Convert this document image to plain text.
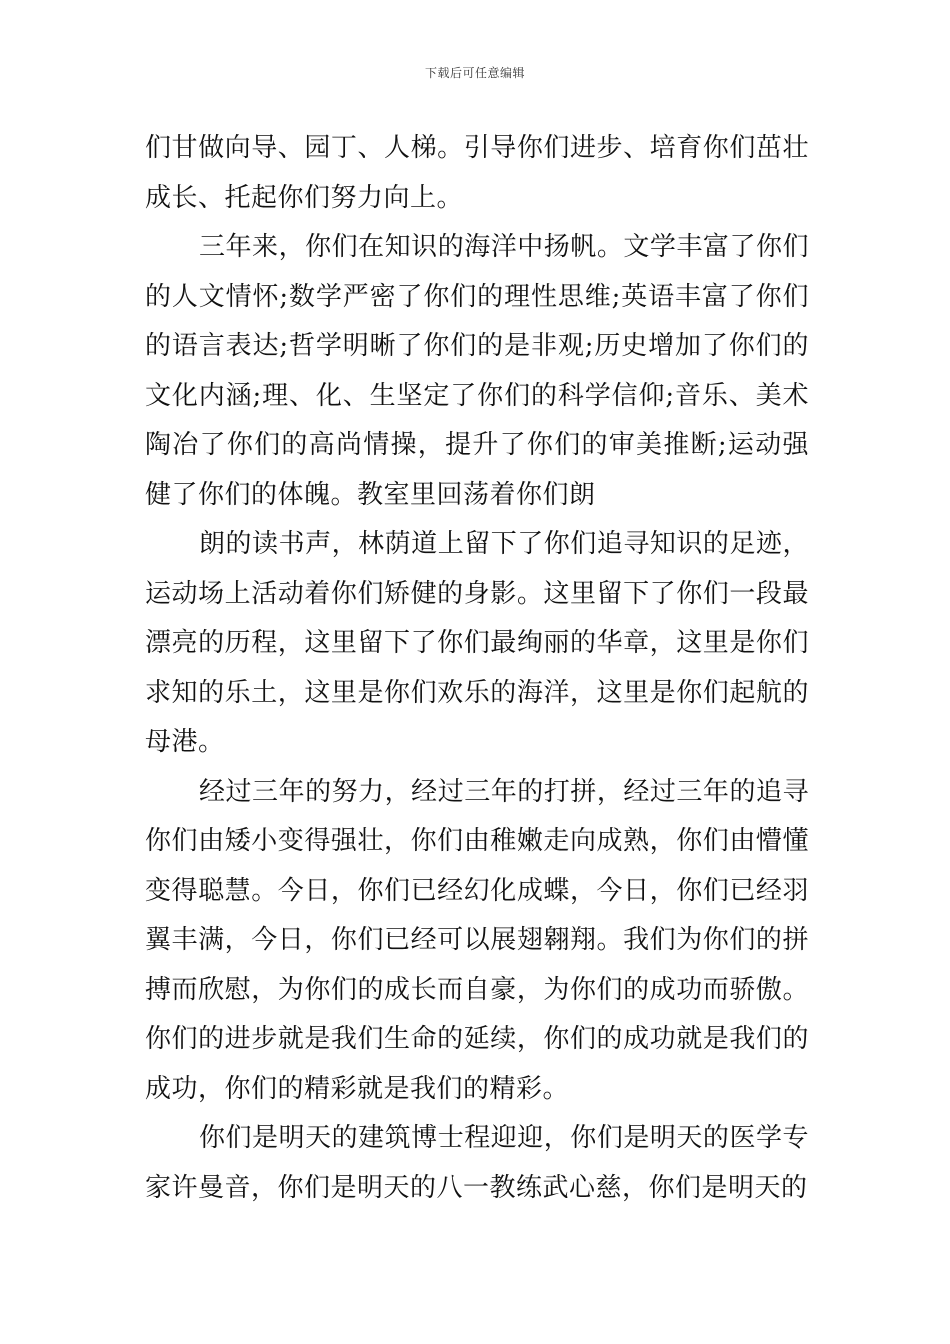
下载后可任意编辑

们甘做向导、园丁、人梯。引导你们进步、培育你们茁壮成长、托起你们努力向上。

三年来，你们在知识的海洋中扬帆。文学丰富了你们的人文情怀;数学严密了你们的理性思维;英语丰富了你们的语言表达;哲学明晰了你们的是非观;历史增加了你们的文化内涵;理、化、生坚定了你们的科学信仰;音乐、美术陶冶了你们的高尚情操，提升了你们的审美推断;运动强健了你们的体魄。教室里回荡着你们朗

朗的读书声，林荫道上留下了你们追寻知识的足迹，运动场上活动着你们矫健的身影。这里留下了你们一段最漂亮的历程，这里留下了你们最绚丽的华章，这里是你们求知的乐土，这里是你们欢乐的海洋，这里是你们起航的母港。

经过三年的努力，经过三年的打拼，经过三年的追寻你们由矮小变得强壮，你们由稚嫩走向成熟，你们由懵懂变得聪慧。今日，你们已经幻化成蝶，今日，你们已经羽翼丰满，今日，你们已经可以展翅翱翔。我们为你们的拼搏而欣慰，为你们的成长而自豪，为你们的成功而骄傲。你们的进步就是我们生命的延续，你们的成功就是我们的成功，你们的精彩就是我们的精彩。

你们是明天的建筑博士程迎迎，你们是明天的医学专家许曼音，你们是明天的八一教练武心慈，你们是明天的
